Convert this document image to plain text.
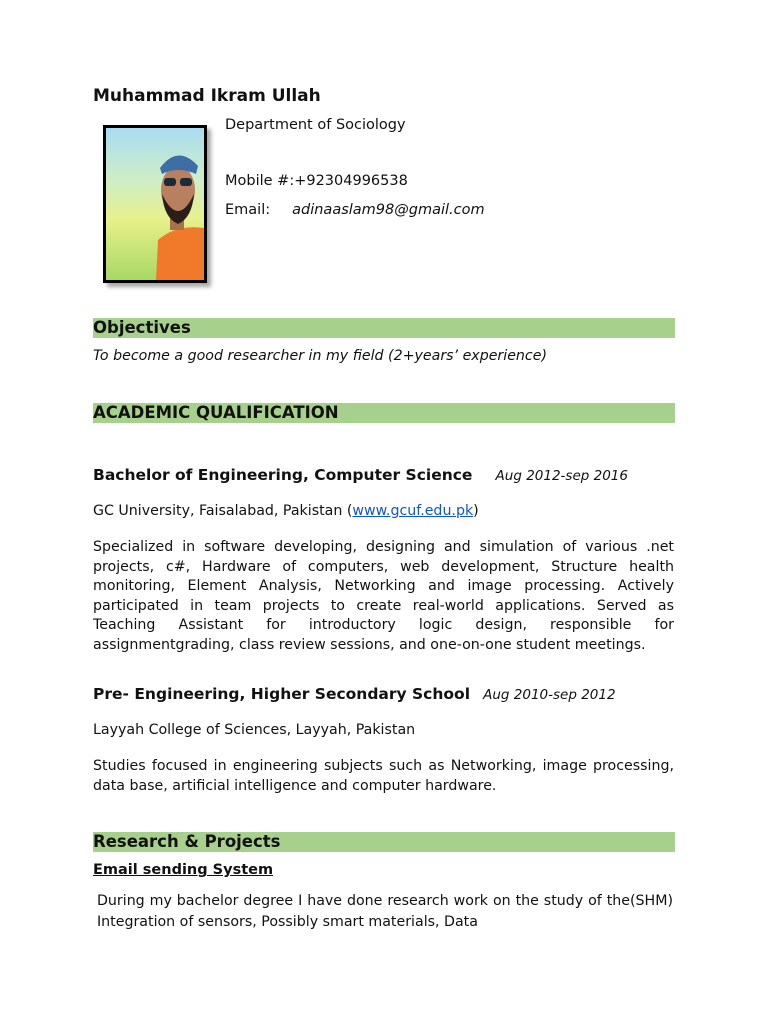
Muhammad Ikram Ullah
Department of Sociology
Mobile #:+92304996538
Email: adinaaslam98@gmail.com
Objectives
To become a good researcher in my field (2+years’ experience)
ACADEMIC QUALIFICATION
Bachelor of Engineering, Computer Science Aug 2012-sep 2016
GC University, Faisalabad, Pakistan (www.gcuf.edu.pk)
Specialized in software developing, designing and simulation of various .net projects, c#, Hardware of computers, web development, Structure health monitoring, Element Analysis, Networking and image processing. Actively participated in team projects to create real-world applications. Served as Teaching Assistant for introductory logic design, responsible for assignmentgrading, class review sessions, and one-on-one student meetings.
Pre- Engineering, Higher Secondary School Aug 2010-sep 2012
Layyah College of Sciences, Layyah, Pakistan
Studies focused in engineering subjects such as Networking, image processing, data base, artificial intelligence and computer hardware.
Research & Projects
Email sending System
During my bachelor degree I have done research work on the study of the(SHM) Integration of sensors, Possibly smart materials, Data
